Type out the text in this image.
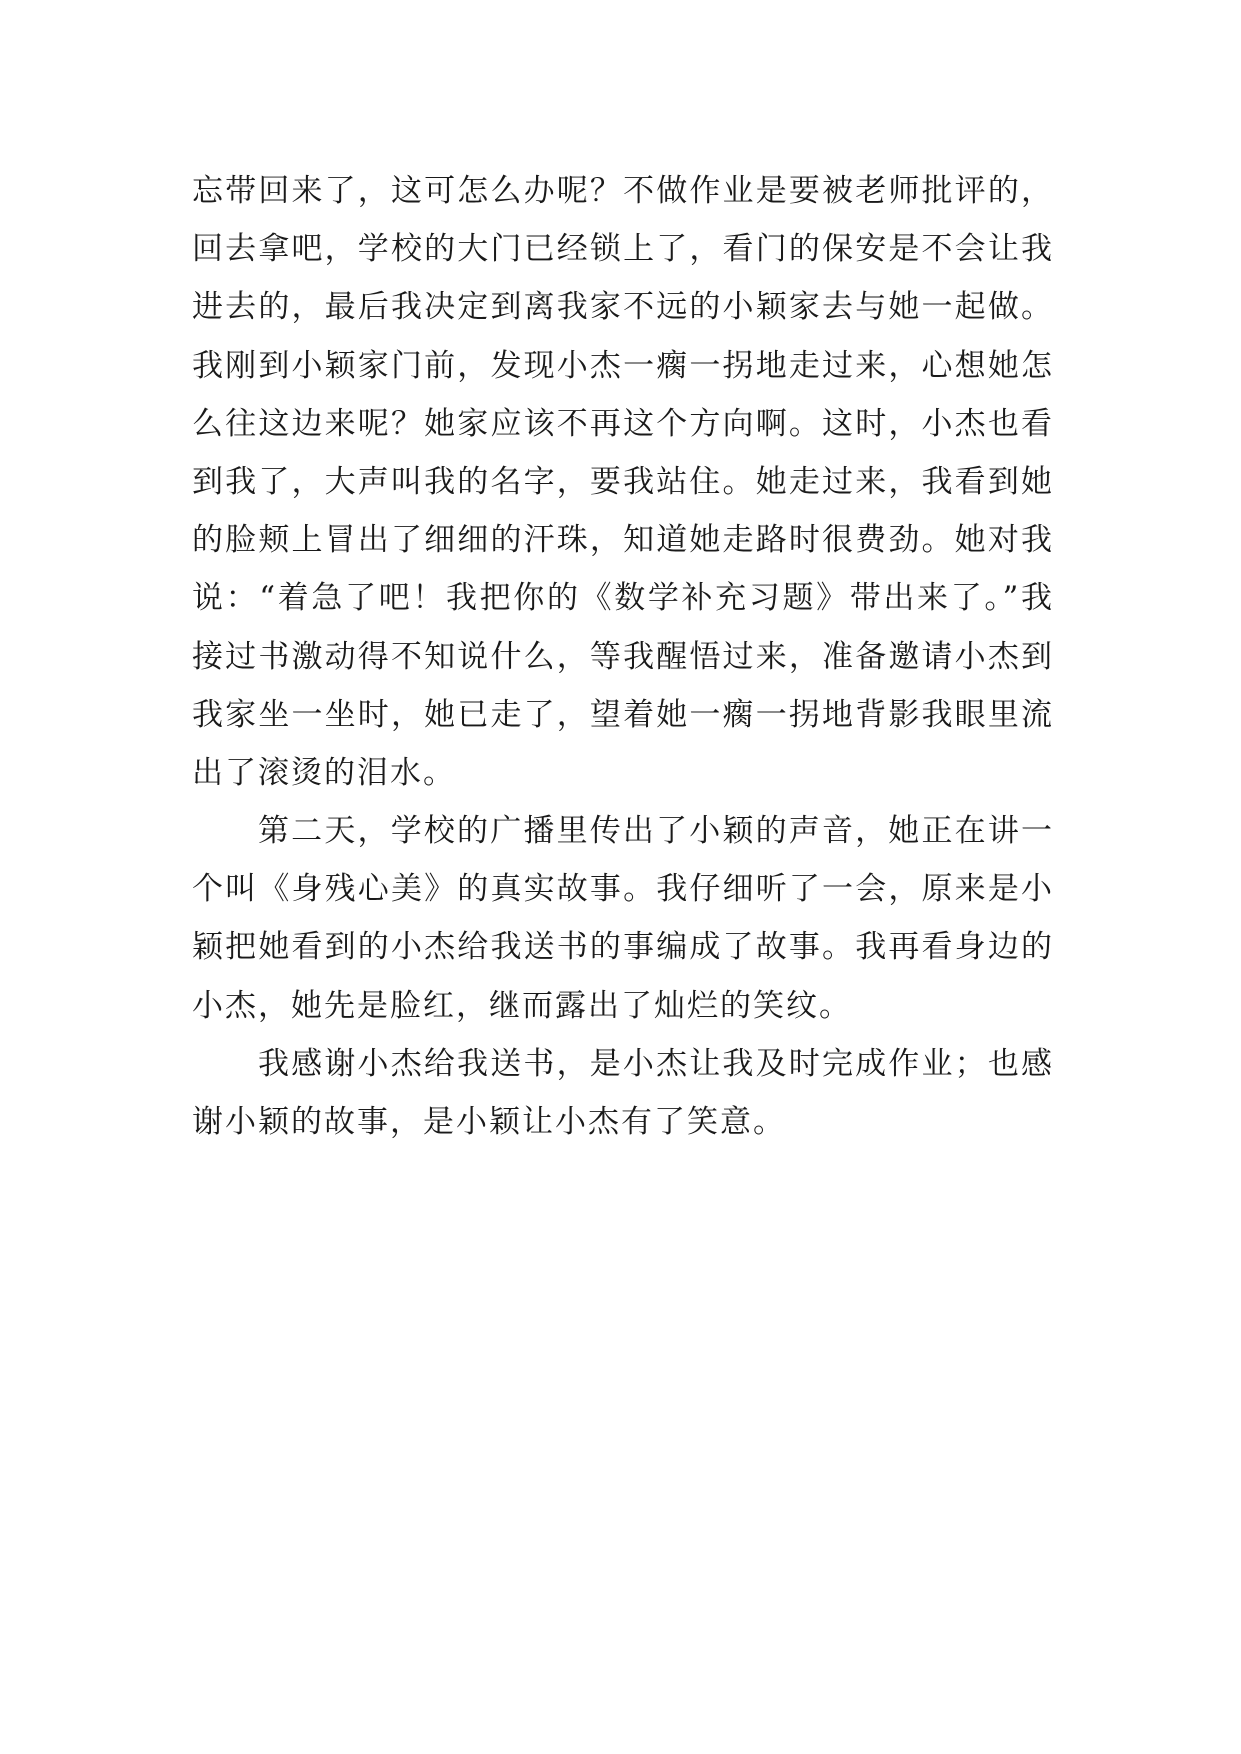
忘带回来了，这可怎么办呢？不做作业是要被老师批评的，
回去拿吧，学校的大门已经锁上了，看门的保安是不会让我
进去的，最后我决定到离我家不远的小颖家去与她一起做。
我刚到小颖家门前，发现小杰一瘸一拐地走过来，心想她怎
么往这边来呢？她家应该不再这个方向啊。这时，小杰也看
到我了，大声叫我的名字，要我站住。她走过来，我看到她
的脸颊上冒出了细细的汗珠，知道她走路时很费劲。她对我
说：“着急了吧！我把你的《数学补充习题》带出来了。”我
接过书激动得不知说什么，等我醒悟过来，准备邀请小杰到
我家坐一坐时，她已走了，望着她一瘸一拐地背影我眼里流
出了滚烫的泪水。
第二天，学校的广播里传出了小颖的声音，她正在讲一
个叫《身残心美》的真实故事。我仔细听了一会，原来是小
颖把她看到的小杰给我送书的事编成了故事。我再看身边的
小杰，她先是脸红，继而露出了灿烂的笑纹。
我感谢小杰给我送书，是小杰让我及时完成作业；也感
谢小颖的故事，是小颖让小杰有了笑意。
